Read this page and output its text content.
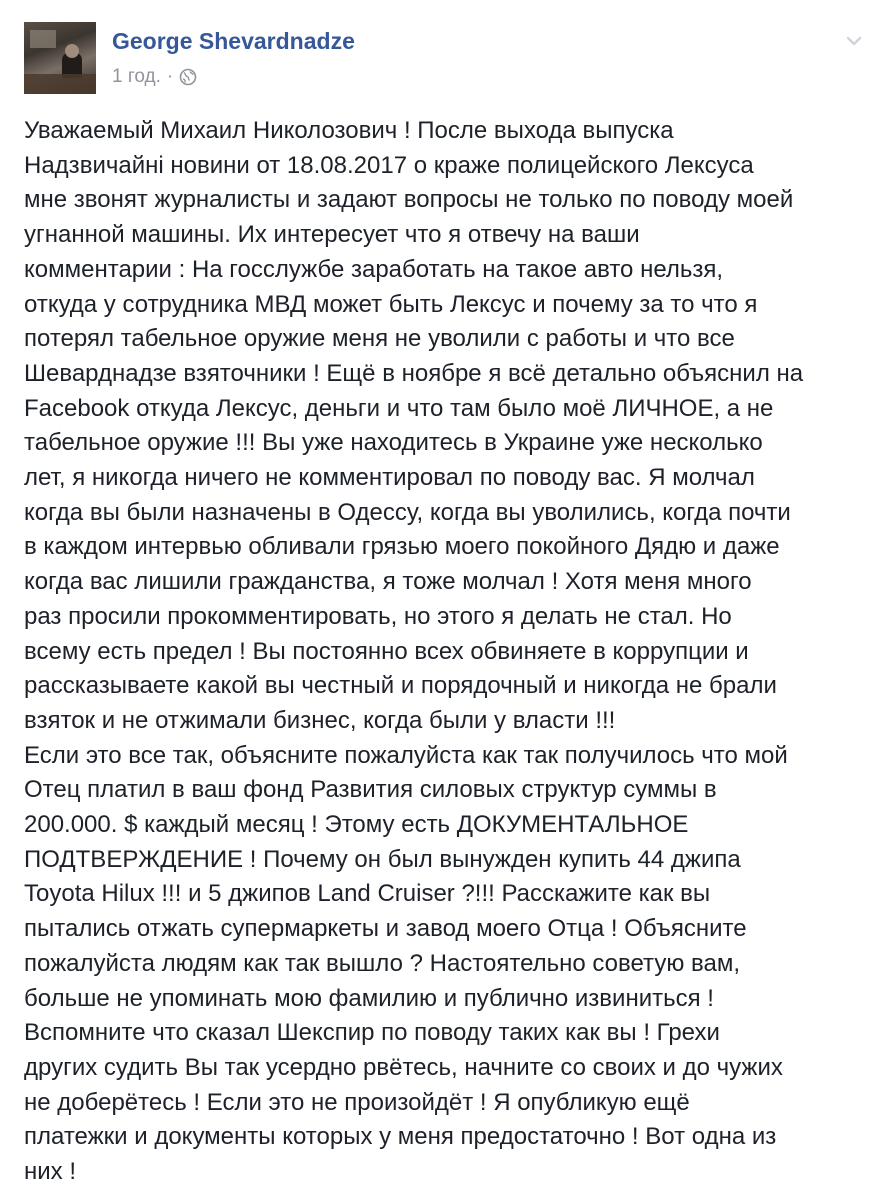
George Shevardnadze
1 год. ·
Уважаемый Михаил Николозович ! После выхода выпуска
Надзвичайні новини от 18.08.2017 о краже полицейского Лексуса
мне звонят журналисты и задают вопросы не только по поводу моей
угнанной машины. Их интересует что я отвечу на ваши
комментарии : На госслужбе заработать на такое авто нельзя,
откуда у сотрудника МВД может быть Лексус и почему за то что я
потерял табельное оружие меня не уволили с работы и что все
Шеварднадзе взяточники ! Ещё в ноябре я всё детально объяснил на
Facebook откуда Лексус, деньги и что там было моё ЛИЧНОЕ, а не
табельное оружие !!! Вы уже находитесь в Украине уже несколько
лет, я никогда ничего не комментировал по поводу вас. Я молчал
когда вы были назначены в Одессу, когда вы уволились, когда почти
в каждом интервью обливали грязью моего покойного Дядю и даже
когда вас лишили гражданства, я тоже молчал ! Хотя меня много
раз просили прокомментировать, но этого я делать не стал. Но
всему есть предел ! Вы постоянно всех обвиняете в коррупции и
рассказываете какой вы честный и порядочный и никогда не брали
взяток и не отжимали бизнес, когда были у власти !!!
Если это все так, объясните пожалуйста как так получилось что мой
Отец платил в ваш фонд Развития силовых структур суммы в
200.000. $ каждый месяц ! Этому есть ДОКУМЕНТАЛЬНОЕ
ПОДТВЕРЖДЕНИЕ ! Почему он был вынужден купить 44 джипа
Toyota Hilux !!! и 5 джипов Land Cruiser ?!!! Расскажите как вы
пытались отжать супермаркеты и завод моего Отца ! Объясните
пожалуйста людям как так вышло ? Настоятельно советую вам,
больше не упоминать мою фамилию и публично извиниться !
Вспомните что сказал Шекспир по поводу таких как вы ! Грехи
других судить Вы так усердно рвётесь, начните со своих и до чужих
не доберётесь ! Если это не произойдёт ! Я опубликую ещё
платежки и документы которых у меня предостаточно ! Вот одна из
них !
